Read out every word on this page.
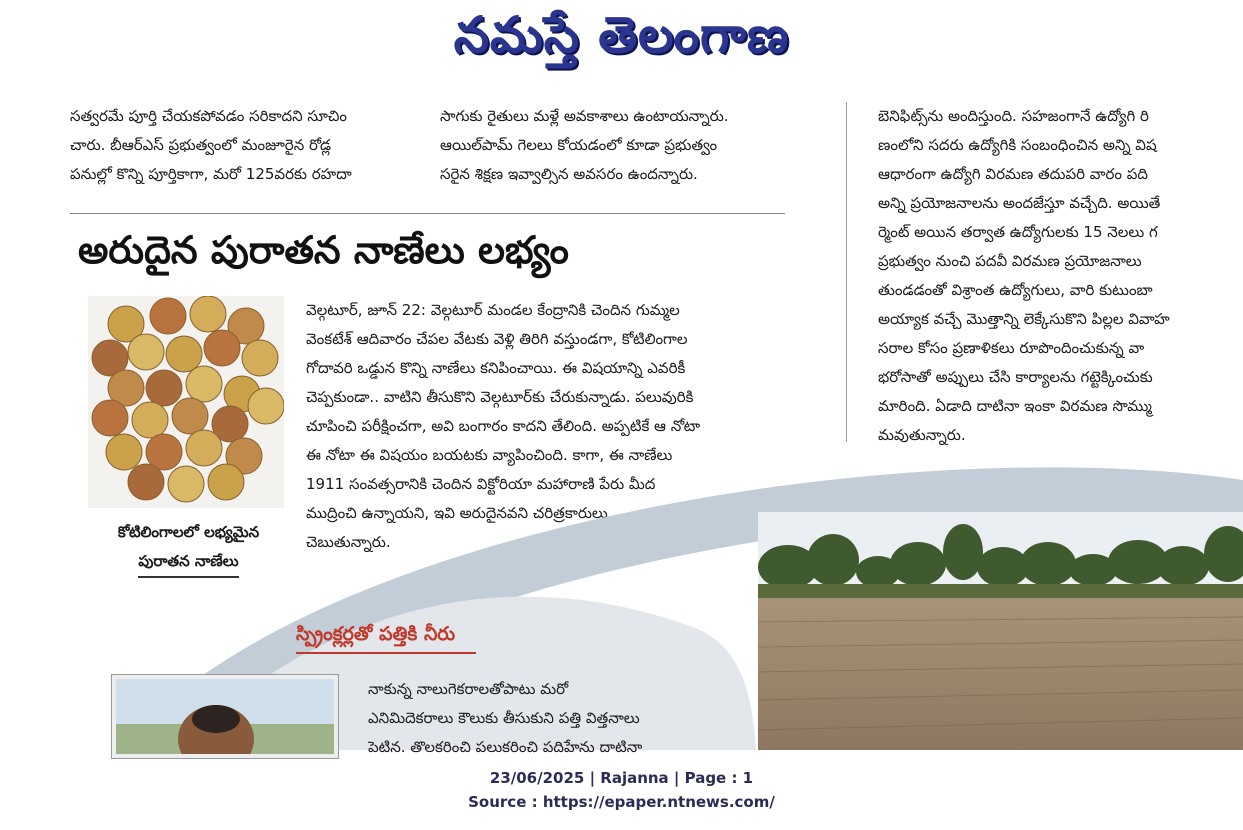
నమస్తే తెలంగాణ
సత్వరమే పూర్తి చేయకపోవడం సరికాదని సూచిం
చారు. బీఆర్ఎస్ ప్రభుత్వంలో మంజూరైన రోడ్ల
పనుల్లో కొన్ని పూర్తికాగా, మరో 125వరకు రహదా
సాగుకు రైతులు మళ్లే అవకాశాలు ఉంటాయన్నారు.
ఆయిల్‌పామ్ గెలలు కోయడంలో కూడా ప్రభుత్వం
సరైన శిక్షణ ఇవ్వాల్సిన అవసరం ఉందన్నారు.
బెనిఫిట్స్‌ను అందిస్తుంది. సహజంగానే ఉద్యోగి రి
ణంలోని సదరు ఉద్యోగికి సంబంధించిన అన్ని విష
ఆధారంగా ఉద్యోగి విరమణ తదుపరి వారం పది
అన్ని ప్రయోజనాలను అందజేస్తూ వచ్చేది. అయితే
ర్మెంట్ అయిన తర్వాత ఉద్యోగులకు 15 నెలలు గ
ప్రభుత్వం నుంచి పదవీ విరమణ ప్రయోజనాలు
తుండడంతో విశ్రాంత ఉద్యోగులు, వారి కుటుంబా
అయ్యాక వచ్చే మొత్తాన్ని లెక్కేసుకొని పిల్లల వివాహ
సరాల కోసం ప్రణాళికలు రూపొందించుకున్న వా
భరోసాతో అప్పులు చేసి కార్యాలను గట్టెక్కించుకు
మారింది. ఏడాది దాటినా ఇంకా విరమణ సొమ్ము
మవుతున్నారు.
అరుదైన పురాతన నాణేలు లభ్యం
కోటిలింగాలలో లభ్యమైన
పురాతన నాణేలు
వెల్గటూర్, జూన్ 22: వెల్గటూర్ మండల కేంద్రానికి చెందిన గుమ్మల
వెంకటేశ్ ఆదివారం చేపల వేటకు వెళ్లి తిరిగి వస్తుండగా, కోటిలింగాల
గోదావరి ఒడ్డున కొన్ని నాణేలు కనిపించాయి. ఈ విషయాన్ని ఎవరికీ
చెప్పకుండా.. వాటిని తీసుకొని వెల్గటూర్‌కు చేరుకున్నాడు. పలువురికి
చూపించి పరీక్షించగా, అవి బంగారం కాదని తేలింది. అప్పటికే ఆ నోటా
ఈ నోటా ఈ విషయం బయటకు వ్యాపించింది. కాగా, ఈ నాణేలు
1911 సంవత్సరానికి చెందిన విక్టోరియా మహారాణి పేరు మీద
ముద్రించి ఉన్నాయని, ఇవి అరుదైనవని చరిత్రకారులు
చెబుతున్నారు.
స్ప్రింక్లర్లతో పత్తికి నీరు
నాకున్న నాలుగెకరాలతోపాటు మరో
ఎనిమిదెకరాలు కౌలుకు తీసుకుని పత్తి విత్తనాలు
పెటిన. తొలకరించి పలుకరించి పదిహేను దాటినా
23/06/2025 | Rajanna | Page : 1
Source : https://epaper.ntnews.com/
